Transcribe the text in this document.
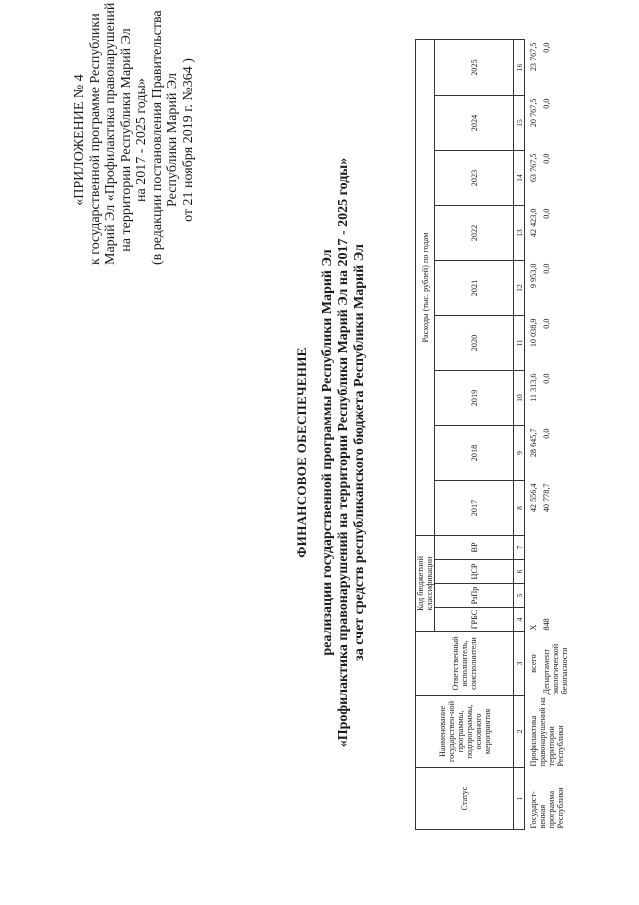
«ПРИЛОЖЕНИЕ № 4 к государственной программе Республики Марий Эл «Профилактика правонарушений на территории Республики Марий Эл на 2017 - 2025 годы» (в редакции постановления Правительства Республики Марий Эл от 21 ноября 2019 г. №364 )
ФИНАНСОВОЕ ОБЕСПЕЧЕНИЕ реализации государственной программы Республики Марий Эл «Профилактика правонарушений на территории Республики Марий Эл на 2017 - 2025 годы» за счет средств республиканского бюджета Республики Марий Эл
Статус	Наименование государствен-ной программы, подпрограммы, основного мероприятия	Ответственный исполнитель, соисполнители	Код бюджетной классификации				Расходы (тыс. рублей) по годам								
			ГРБС	РзПр	ЦСР	ВР	2017	2018	2019	2020	2021	2022	2023	2024	2025
1	2	3	4	5	6	7	8	9	10	11	12	13	14	15	16
Государст-венная программа Республики	Профилактика правонарушений на территории Республики	всего	X				42 556,4	28 645,7	11 313,6	10 038,9	9 953,0	42 423,0	63 767,5	20 767,5	23 767,5
		Департамент экологической безопасности	848				40 778,7	0,0	0,0	0,0	0,0	0,0	0,0	0,0	0,0
